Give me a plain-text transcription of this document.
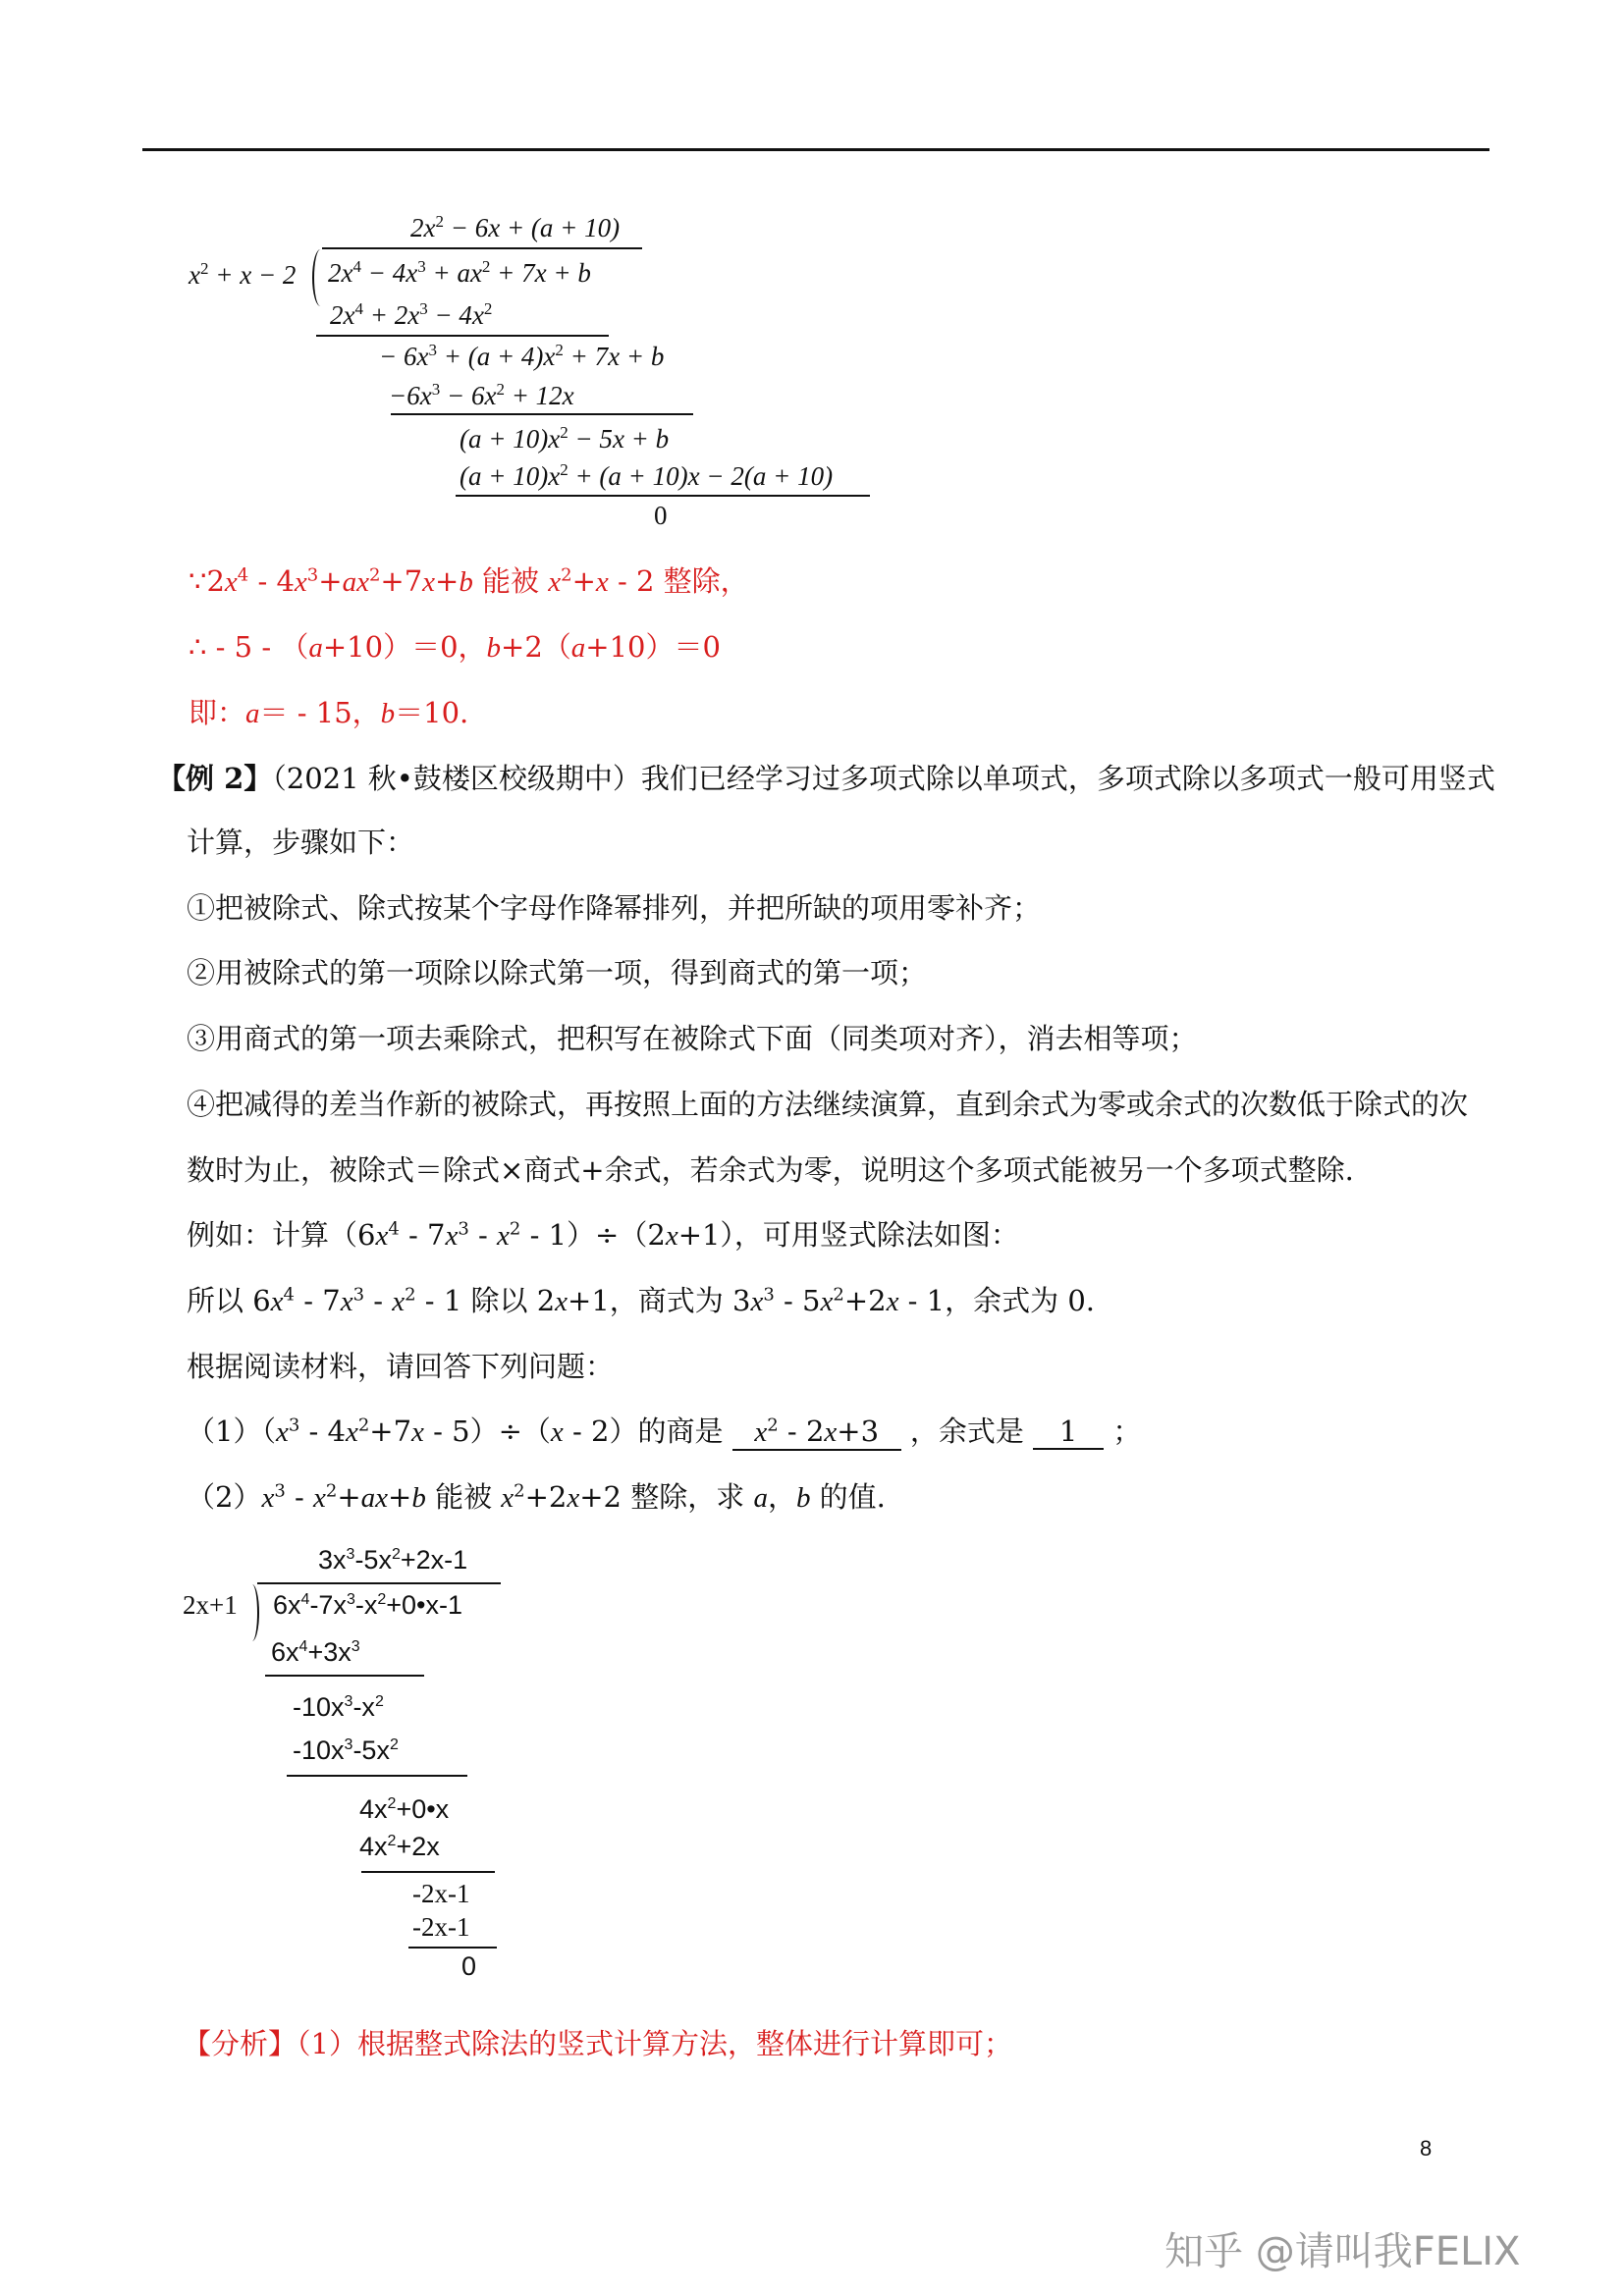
$2x^2 - 6x + (a + 10)$
$x^2 + x - 2$ $2x^4 - 4x^3 + ax^2 + 7x + b$
$2x^4 + 2x^3 - 4x^2$
− $6x^3 + (a + 4)x^2 + 7x + b$
$-6x^3 - 6x^2 + 12x$
$(a + 10)x^2 - 5x + b$
$(a + 10)x^2 + (a + 10)x - 2(a + 10)$
0
$\because 2x^4 - 4x^3+ax^2+7x+b$ 能被 $x^2+x - 2$ 整除，
∴ - 5 - （a+10）＝0，b+2（a+10）＝0
即：a＝ - 15，b＝10.
【例 2】（2021 秋•鼓楼区校级期中）我们已经学习过多项式除以单项式，多项式除以多项式一般可用竖式
计算，步骤如下：
①把被除式、除式按某个字母作降幂排列，并把所缺的项用零补齐；
②用被除式的第一项除以除式第一项，得到商式的第一项；
③用商式的第一项去乘除式，把积写在被除式下面（同类项对齐），消去相等项；
④把减得的差当作新的被除式，再按照上面的方法继续演算，直到余式为零或余式的次数低于除式的次
数时为止，被除式＝除式×商式+余式，若余式为零，说明这个多项式能被另一个多项式整除.
例如：计算$(6x^4 - 7x^3 - x^2 - 1)\div(2x+1)$，可用竖式除法如图：
所以 $6x^4 - 7x^3 - x^2 - 1$ 除以 2x+1，商式为 $3x^3 - 5x^2+2x - 1$，余式为 0.
根据阅读材料，请回答下列问题：
$(1)(x^3 - 4x^2+7x - 5)\div(x - 2)$的商是 $x^2 - 2x+3$ ，余式是 1 ；
$(2)x^3 - x^2+ax+b$ 能被 $x^2+2x+2$ 整除，求 a，b 的值.
$3x^3-5x^2+2x-1$
2x+1 $6x^4-7x^3-x^2+0•x-1$
$6x^4+3x^3$
$-10x^3-x^2$
$-10x^3-5x^2$
$4x^2+0•x$
$4x^2+2x$
-2x-1
-2x-1
0
【分析】（1）根据整式除法的竖式计算方法，整体进行计算即可；
8
知乎 @请叫我FELIX
